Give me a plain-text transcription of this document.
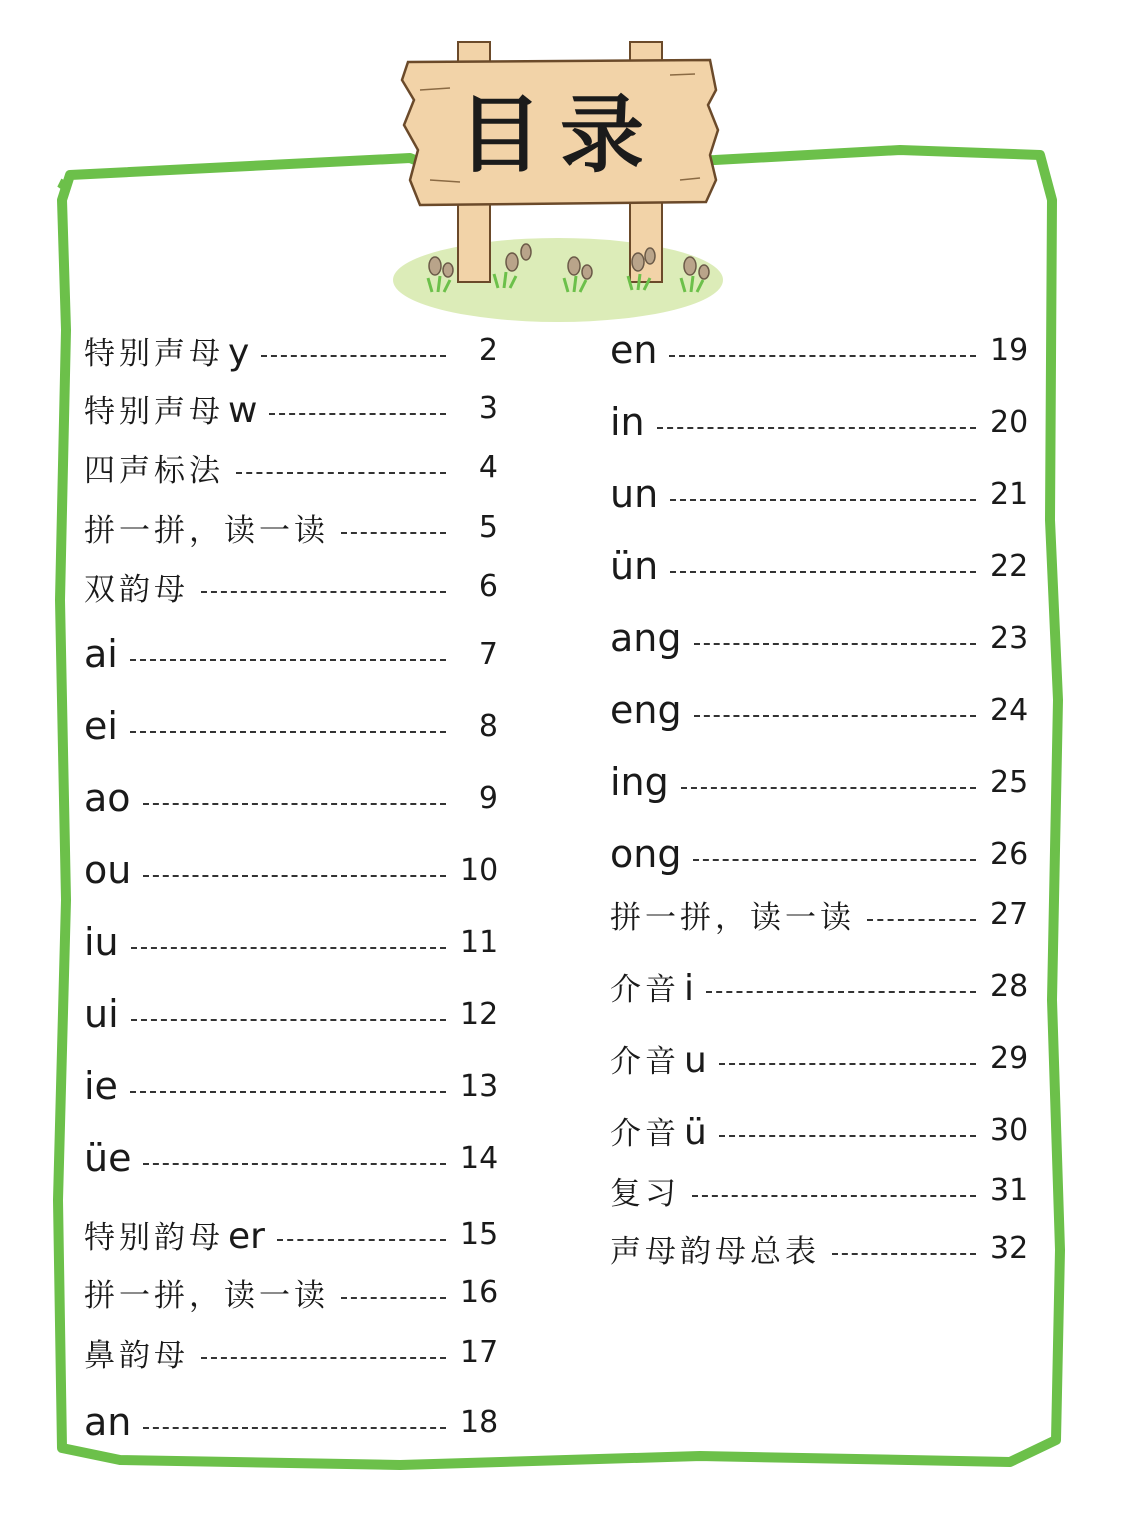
目录
特别声母 y	2
特别声母 w	3
四声标法	4
拼一拼，读一读	5
双韵母	6
ai	7
ei	8
ao	9
ou	10
iu	11
ui	12
ie	13
üe	14
特别韵母 er	15
拼一拼，读一读	16
鼻韵母	17
an	18
en	19
in	20
un	21
ün	22
ang	23
eng	24
ing	25
ong	26
拼一拼，读一读	27
介音 i	28
介音 u	29
介音 ü	30
复习	31
声母韵母总表	32
